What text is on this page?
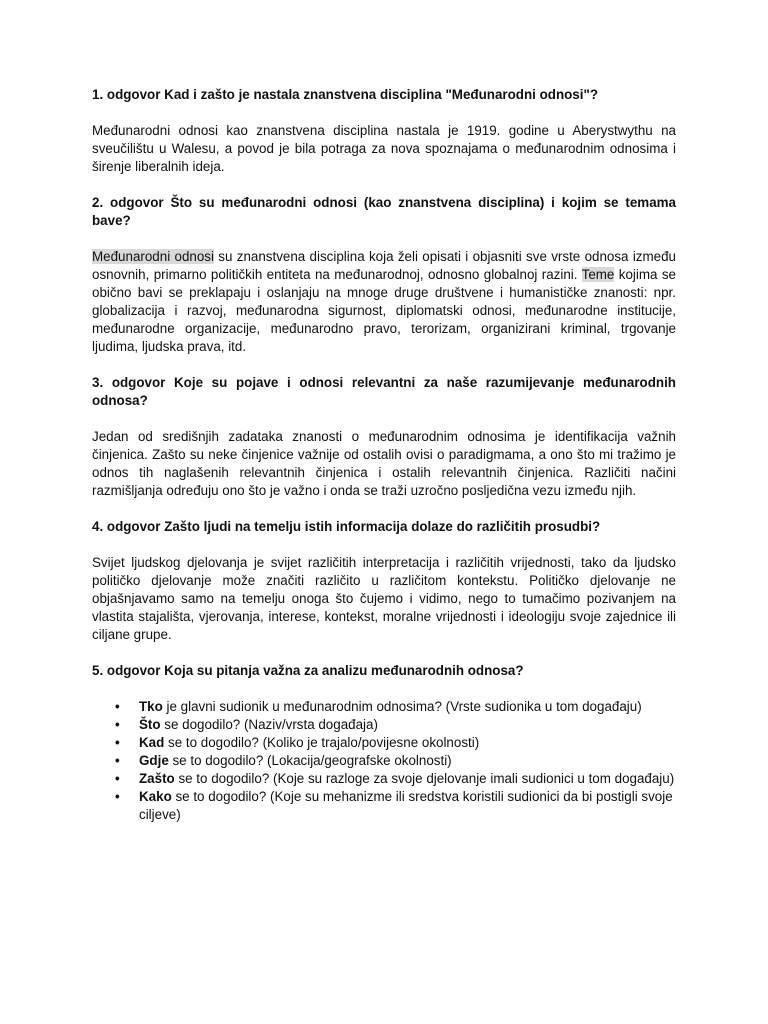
1. odgovor Kad i zašto je nastala znanstvena disciplina "Međunarodni odnosi"?

Međunarodni odnosi kao znanstvena disciplina nastala je 1919. godine u Aberystwythu na sveučilištu u Walesu, a povod je bila potraga za nova spoznajama o međunarodnim odnosima i širenje liberalnih ideja.

2. odgovor Što su međunarodni odnosi (kao znanstvena disciplina) i kojim se temama bave?

Međunarodni odnosi su znanstvena disciplina koja želi opisati i objasniti sve vrste odnosa između osnovnih, primarno političkih entiteta na međunarodnoj, odnosno globalnoj razini. Teme kojima se obično bavi se preklapaju i oslanjaju na mnoge druge društvene i humanističke znanosti: npr. globalizacija i razvoj, međunarodna sigurnost, diplomatski odnosi, međunarodne institucije, međunarodne organizacije, međunarodno pravo, terorizam, organizirani kriminal, trgovanje ljudima, ljudska prava, itd.

3. odgovor Koje su pojave i odnosi relevantni za naše razumijevanje međunarodnih odnosa?

Jedan od središnjih zadataka znanosti o međunarodnim odnosima je identifikacija važnih činjenica. Zašto su neke činjenice važnije od ostalih ovisi o paradigmama, a ono što mi tražimo je odnos tih naglašenih relevantnih činjenica i ostalih relevantnih činjenica. Različiti načini razmišljanja određuju ono što je važno i onda se traži uzročno posljedična vezu između njih.

4. odgovor Zašto ljudi na temelju istih informacija dolaze do različitih prosudbi?

Svijet ljudskog djelovanja je svijet različitih interpretacija i različitih vrijednosti, tako da ljudsko političko djelovanje može značiti različito u različitom kontekstu. Političko djelovanje ne objašnjavamo samo na temelju onoga što čujemo i vidimo, nego to tumačimo pozivanjem na vlastita stajališta, vjerovanja, interese, kontekst, moralne vrijednosti i ideologiju svoje zajednice ili ciljane grupe.

5. odgovor Koja su pitanja važna za analizu međunarodnih odnosa?

• Tko je glavni sudionik u međunarodnim odnosima? (Vrste sudionika u tom događaju)
• Što se dogodilo? (Naziv/vrsta događaja)
• Kad se to dogodilo? (Koliko je trajalo/povijesne okolnosti)
• Gdje se to dogodilo? (Lokacija/geografske okolnosti)
• Zašto se to dogodilo? (Koje su razloge za svoje djelovanje imali sudionici u tom događaju)
• Kako se to dogodilo? (Koje su mehanizme ili sredstva koristili sudionici da bi postigli svoje ciljeve)
